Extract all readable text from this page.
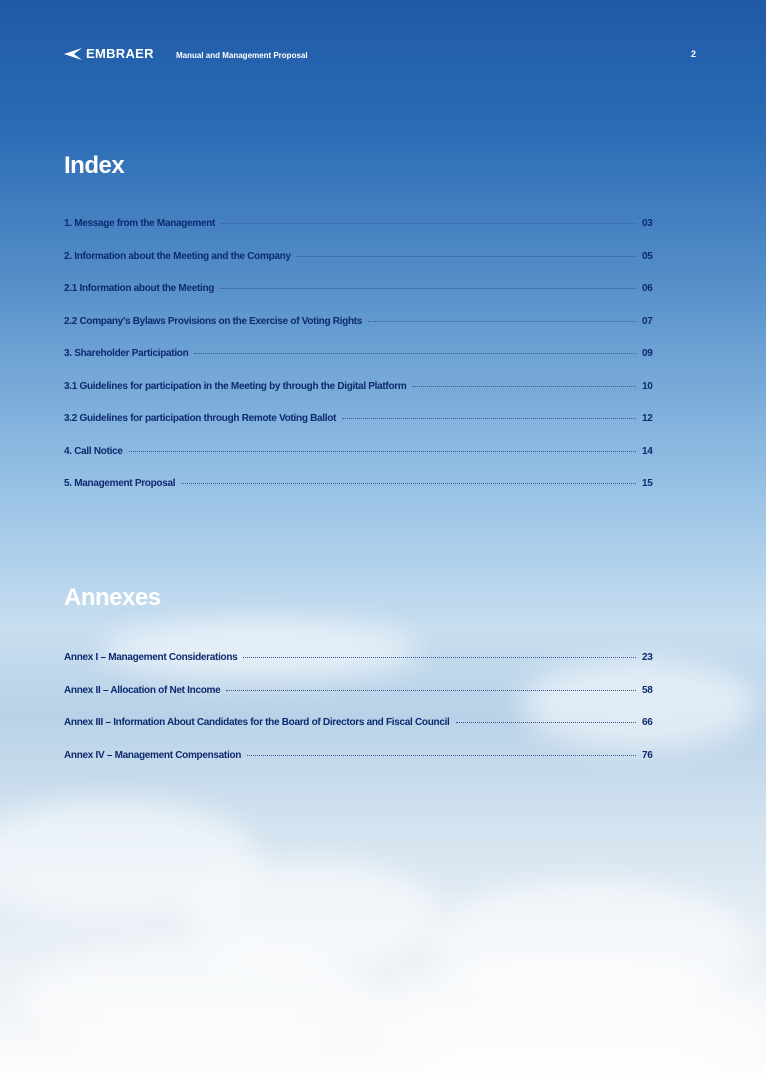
EMBRAER	Manual and Management Proposal	2
Index
1. Message from the Management	03
2. Information about the Meeting and the Company	05
2.1 Information about the Meeting	06
2.2 Company's Bylaws Provisions on the Exercise of Voting Rights	07
3. Shareholder Participation	09
3.1 Guidelines for participation in the Meeting by through the Digital Platform	10
3.2 Guidelines for participation through Remote Voting Ballot	12
4. Call Notice	14
5. Management Proposal	15
Annexes
Annex I – Management Considerations	23
Annex II – Allocation of Net Income	58
Annex III – Information About Candidates for the Board of Directors and Fiscal Council	66
Annex IV – Management Compensation	76
